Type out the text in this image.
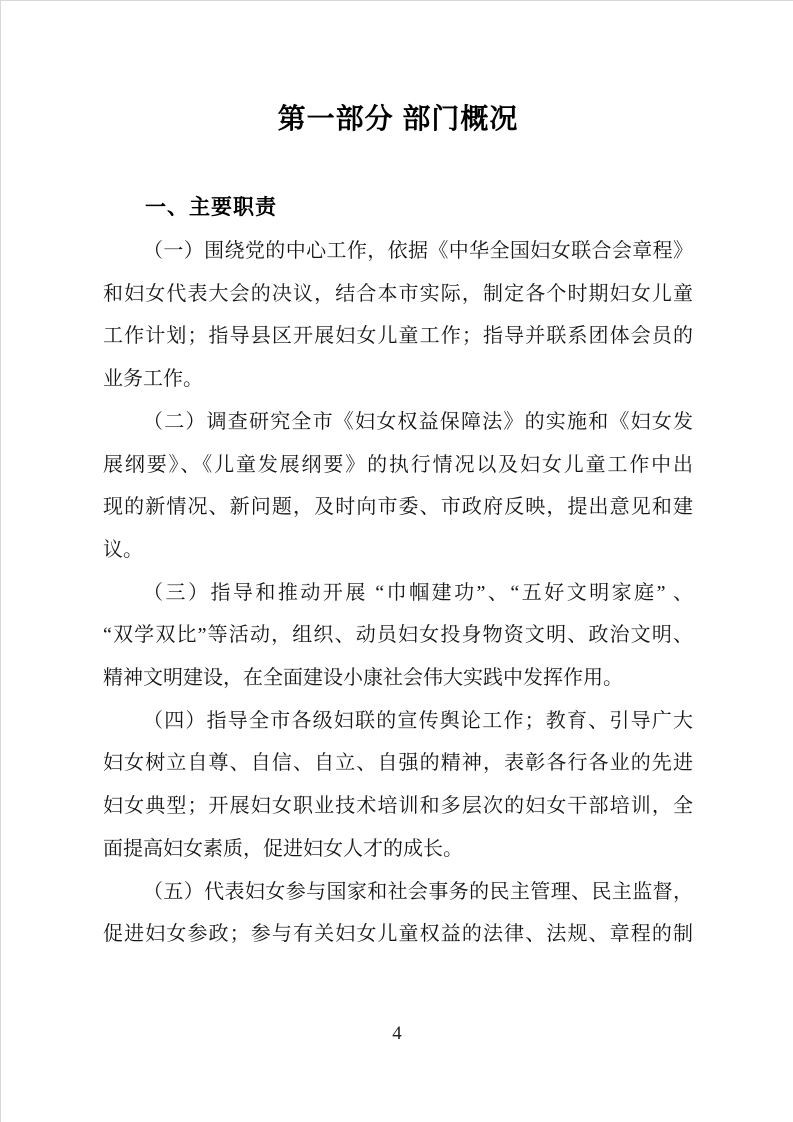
第一部分 部门概况
一、主要职责
（一）围绕党的中心工作，依据《中华全国妇女联合会章程》
和妇女代表大会的决议，结合本市实际，制定各个时期妇女儿童
工作计划；指导县区开展妇女儿童工作；指导并联系团体会员的
业务工作。
（二）调查研究全市《妇女权益保障法》的实施和《妇女发
展纲要》、《儿童发展纲要》的执行情况以及妇女儿童工作中出
现的新情况、新问题，及时向市委、市政府反映，提出意见和建
议。
（三）指导和推动开展 “巾帼建功”、“五好文明家庭” 、
“双学双比”等活动，组织、动员妇女投身物资文明、政治文明、
精神文明建设，在全面建设小康社会伟大实践中发挥作用。
（四）指导全市各级妇联的宣传舆论工作；教育、引导广大
妇女树立自尊、自信、自立、自强的精神，表彰各行各业的先进
妇女典型；开展妇女职业技术培训和多层次的妇女干部培训，全
面提高妇女素质，促进妇女人才的成长。
（五）代表妇女参与国家和社会事务的民主管理、民主监督，
促进妇女参政；参与有关妇女儿童权益的法律、法规、章程的制
4
